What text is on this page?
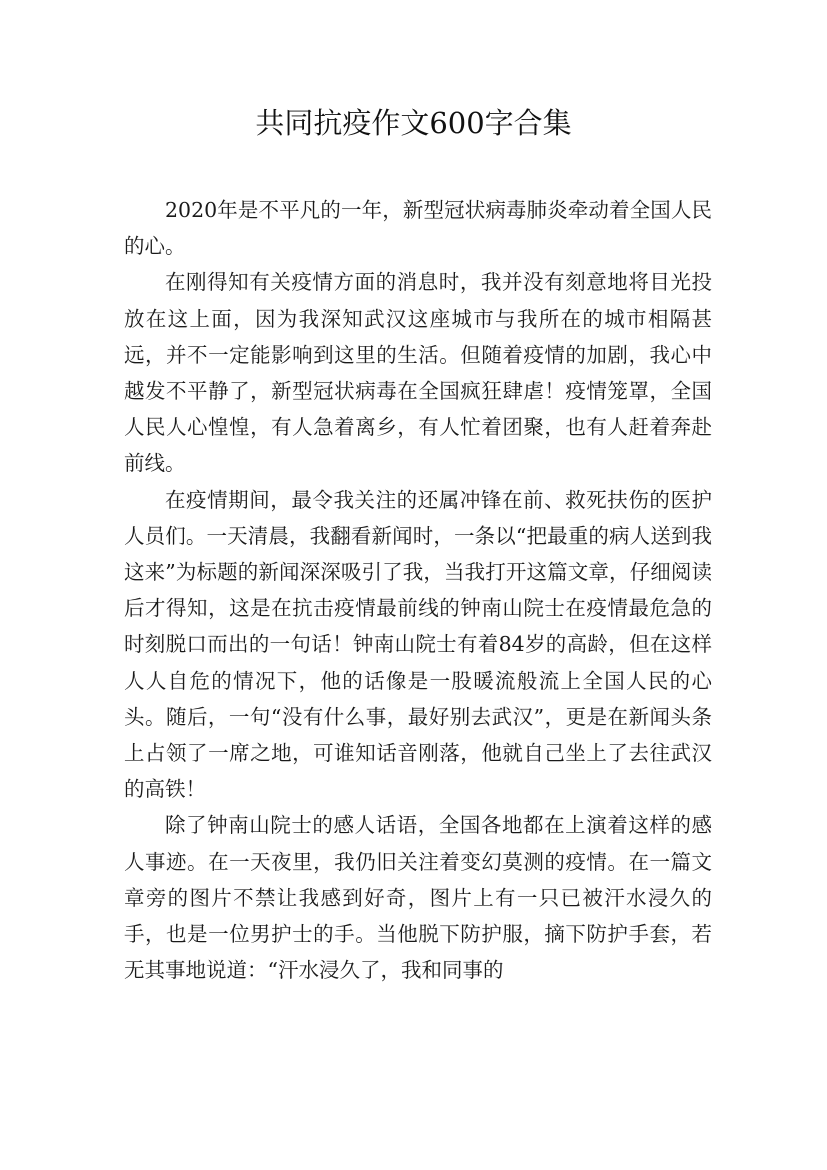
共同抗疫作文600字合集

2020年是不平凡的一年，新型冠状病毒肺炎牵动着全国人民的心。

在刚得知有关疫情方面的消息时，我并没有刻意地将目光投放在这上面，因为我深知武汉这座城市与我所在的城市相隔甚远，并不一定能影响到这里的生活。但随着疫情的加剧，我心中越发不平静了，新型冠状病毒在全国疯狂肆虐！疫情笼罩，全国人民人心惶惶，有人急着离乡，有人忙着团聚，也有人赶着奔赴前线。

在疫情期间，最令我关注的还属冲锋在前、救死扶伤的医护人员们。一天清晨，我翻看新闻时，一条以“把最重的病人送到我这来”为标题的新闻深深吸引了我，当我打开这篇文章，仔细阅读后才得知，这是在抗击疫情最前线的钟南山院士在疫情最危急的时刻脱口而出的一句话！钟南山院士有着84岁的高龄，但在这样人人自危的情况下，他的话像是一股暖流般流上全国人民的心头。随后，一句“没有什么事，最好别去武汉”，更是在新闻头条上占领了一席之地，可谁知话音刚落，他就自己坐上了去往武汉的高铁！

除了钟南山院士的感人话语，全国各地都在上演着这样的感人事迹。在一天夜里，我仍旧关注着变幻莫测的疫情。在一篇文章旁的图片不禁让我感到好奇，图片上有一只已被汗水浸久的手，也是一位男护士的手。当他脱下防护服，摘下防护手套，若无其事地说道：“汗水浸久了，我和同事的
